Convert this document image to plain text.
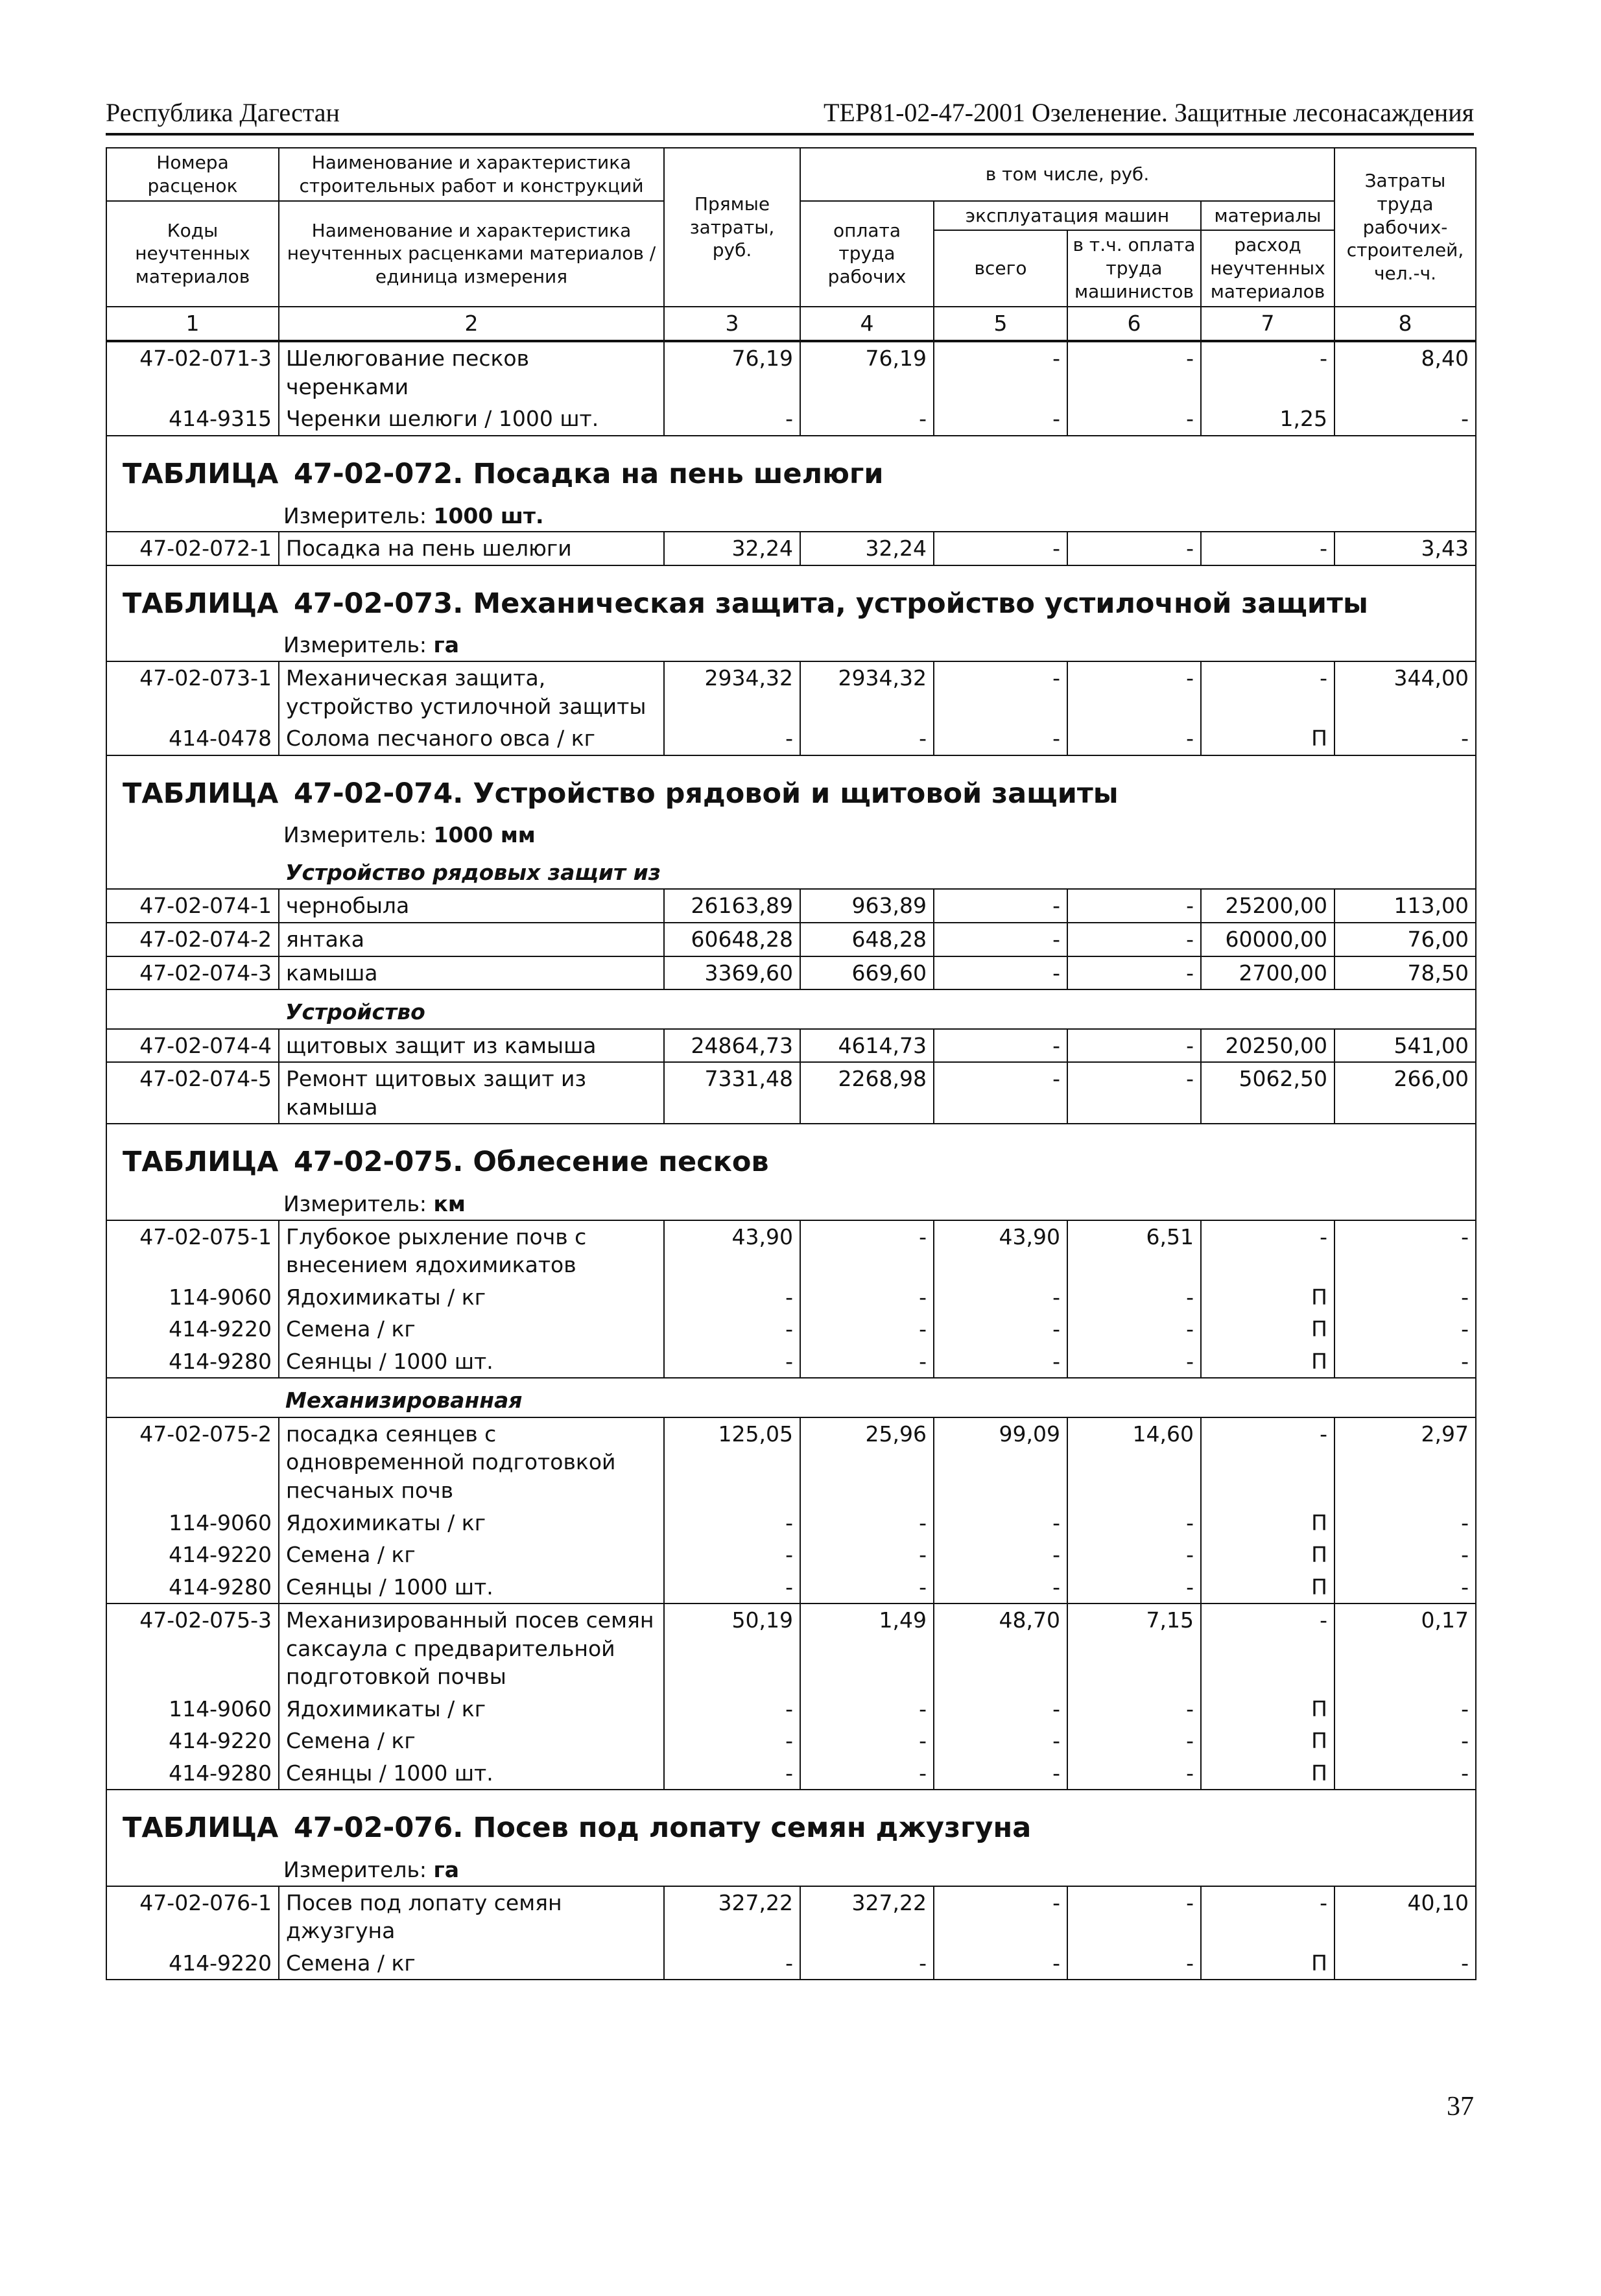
Республика Дагестан	ТЕР81-02-47-2001 Озеленение. Защитные лесонасаждения
Номера расценок	Наименование и характеристика строительных работ и конструкций	Прямые затраты, руб.	в том числе, руб.				Затраты труда рабочих-строителей, чел.-ч.
Коды неучтенных материалов	Наименование и характеристика неучтенных расценками материалов / единица измерения		оплата труда рабочих	эксплуатация машин		материалы	
				всего	в т.ч. оплата труда машинистов	расход неучтенных материалов	

1	2	3	4	5	6	7	8
47-02-071-3	Шелюгование песков черенками	76,19	76,19	-	-	-	8,40
414-9315	Черенки шелюги / 1000 шт.	-	-	-	-	1,25	-
ТАБЛИЦА 47-02-072. Посадка на пень шелюги							
Измеритель: 1000 шт.							
47-02-072-1	Посадка на пень шелюги	32,24	32,24	-	-	-	3,43
ТАБЛИЦА 47-02-073. Механическая защита, устройство устилочной защиты							
Измеритель: га							
47-02-073-1	Механическая защита, устройство устилочной защиты	2934,32	2934,32	-	-	-	344,00
414-0478	Солома песчаного овса / кг	-	-	-	-	П	-
ТАБЛИЦА 47-02-074. Устройство рядовой и щитовой защиты							
Измеритель: 1000 мм							
	Устройство рядовых защит из						
47-02-074-1	чернобыла	26163,89	963,89	-	-	25200,00	113,00
47-02-074-2	янтака	60648,28	648,28	-	-	60000,00	76,00
47-02-074-3	камыша	3369,60	669,60	-	-	2700,00	78,50
	Устройство						
47-02-074-4	щитовых защит из камыша	24864,73	4614,73	-	-	20250,00	541,00
47-02-074-5	Ремонт щитовых защит из камыша	7331,48	2268,98	-	-	5062,50	266,00
ТАБЛИЦА 47-02-075. Облесение песков							
Измеритель: км							
47-02-075-1	Глубокое рыхление почв с внесением ядохимикатов	43,90	-	43,90	6,51	-	-
114-9060	Ядохимикаты / кг	-	-	-	-	П	-
414-9220	Семена / кг	-	-	-	-	П	-
414-9280	Сеянцы / 1000 шт.	-	-	-	-	П	-
	Механизированная						
47-02-075-2	посадка сеянцев с одновременной подготовкой песчаных почв	125,05	25,96	99,09	14,60	-	2,97
114-9060	Ядохимикаты / кг	-	-	-	-	П	-
414-9220	Семена / кг	-	-	-	-	П	-
414-9280	Сеянцы / 1000 шт.	-	-	-	-	П	-
47-02-075-3	Механизированный посев семян саксаула с предварительной подготовкой почвы	50,19	1,49	48,70	7,15	-	0,17
114-9060	Ядохимикаты / кг	-	-	-	-	П	-
414-9220	Семена / кг	-	-	-	-	П	-
414-9280	Сеянцы / 1000 шт.	-	-	-	-	П	-
ТАБЛИЦА 47-02-076. Посев под лопату семян джузгуна							
Измеритель: га							
47-02-076-1	Посев под лопату семян джузгуна	327,22	327,22	-	-	-	40,10
414-9220	Семена / кг	-	-	-	-	П	-
37
